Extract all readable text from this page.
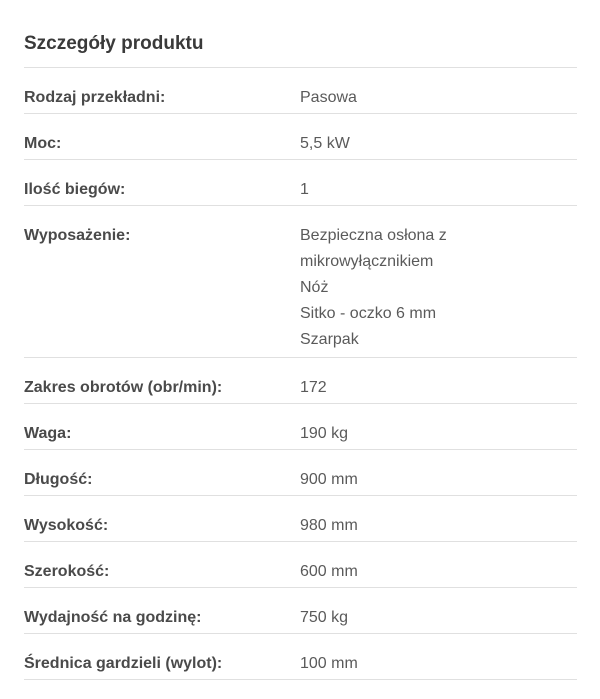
Szczegóły produktu
Rodzaj przekładni:	Pasowa
Moc:	5,5 kW
Ilość biegów:	1
Wyposażenie:	Bezpieczna osłona z
mikrowyłącznikiem
Nóż
Sitko - oczko 6 mm
Szarpak
Zakres obrotów (obr/min):	172
Waga:	190 kg
Długość:	900 mm
Wysokość:	980 mm
Szerokość:	600 mm
Wydajność na godzinę:	750 kg
Średnica gardzieli (wylot):	100 mm
